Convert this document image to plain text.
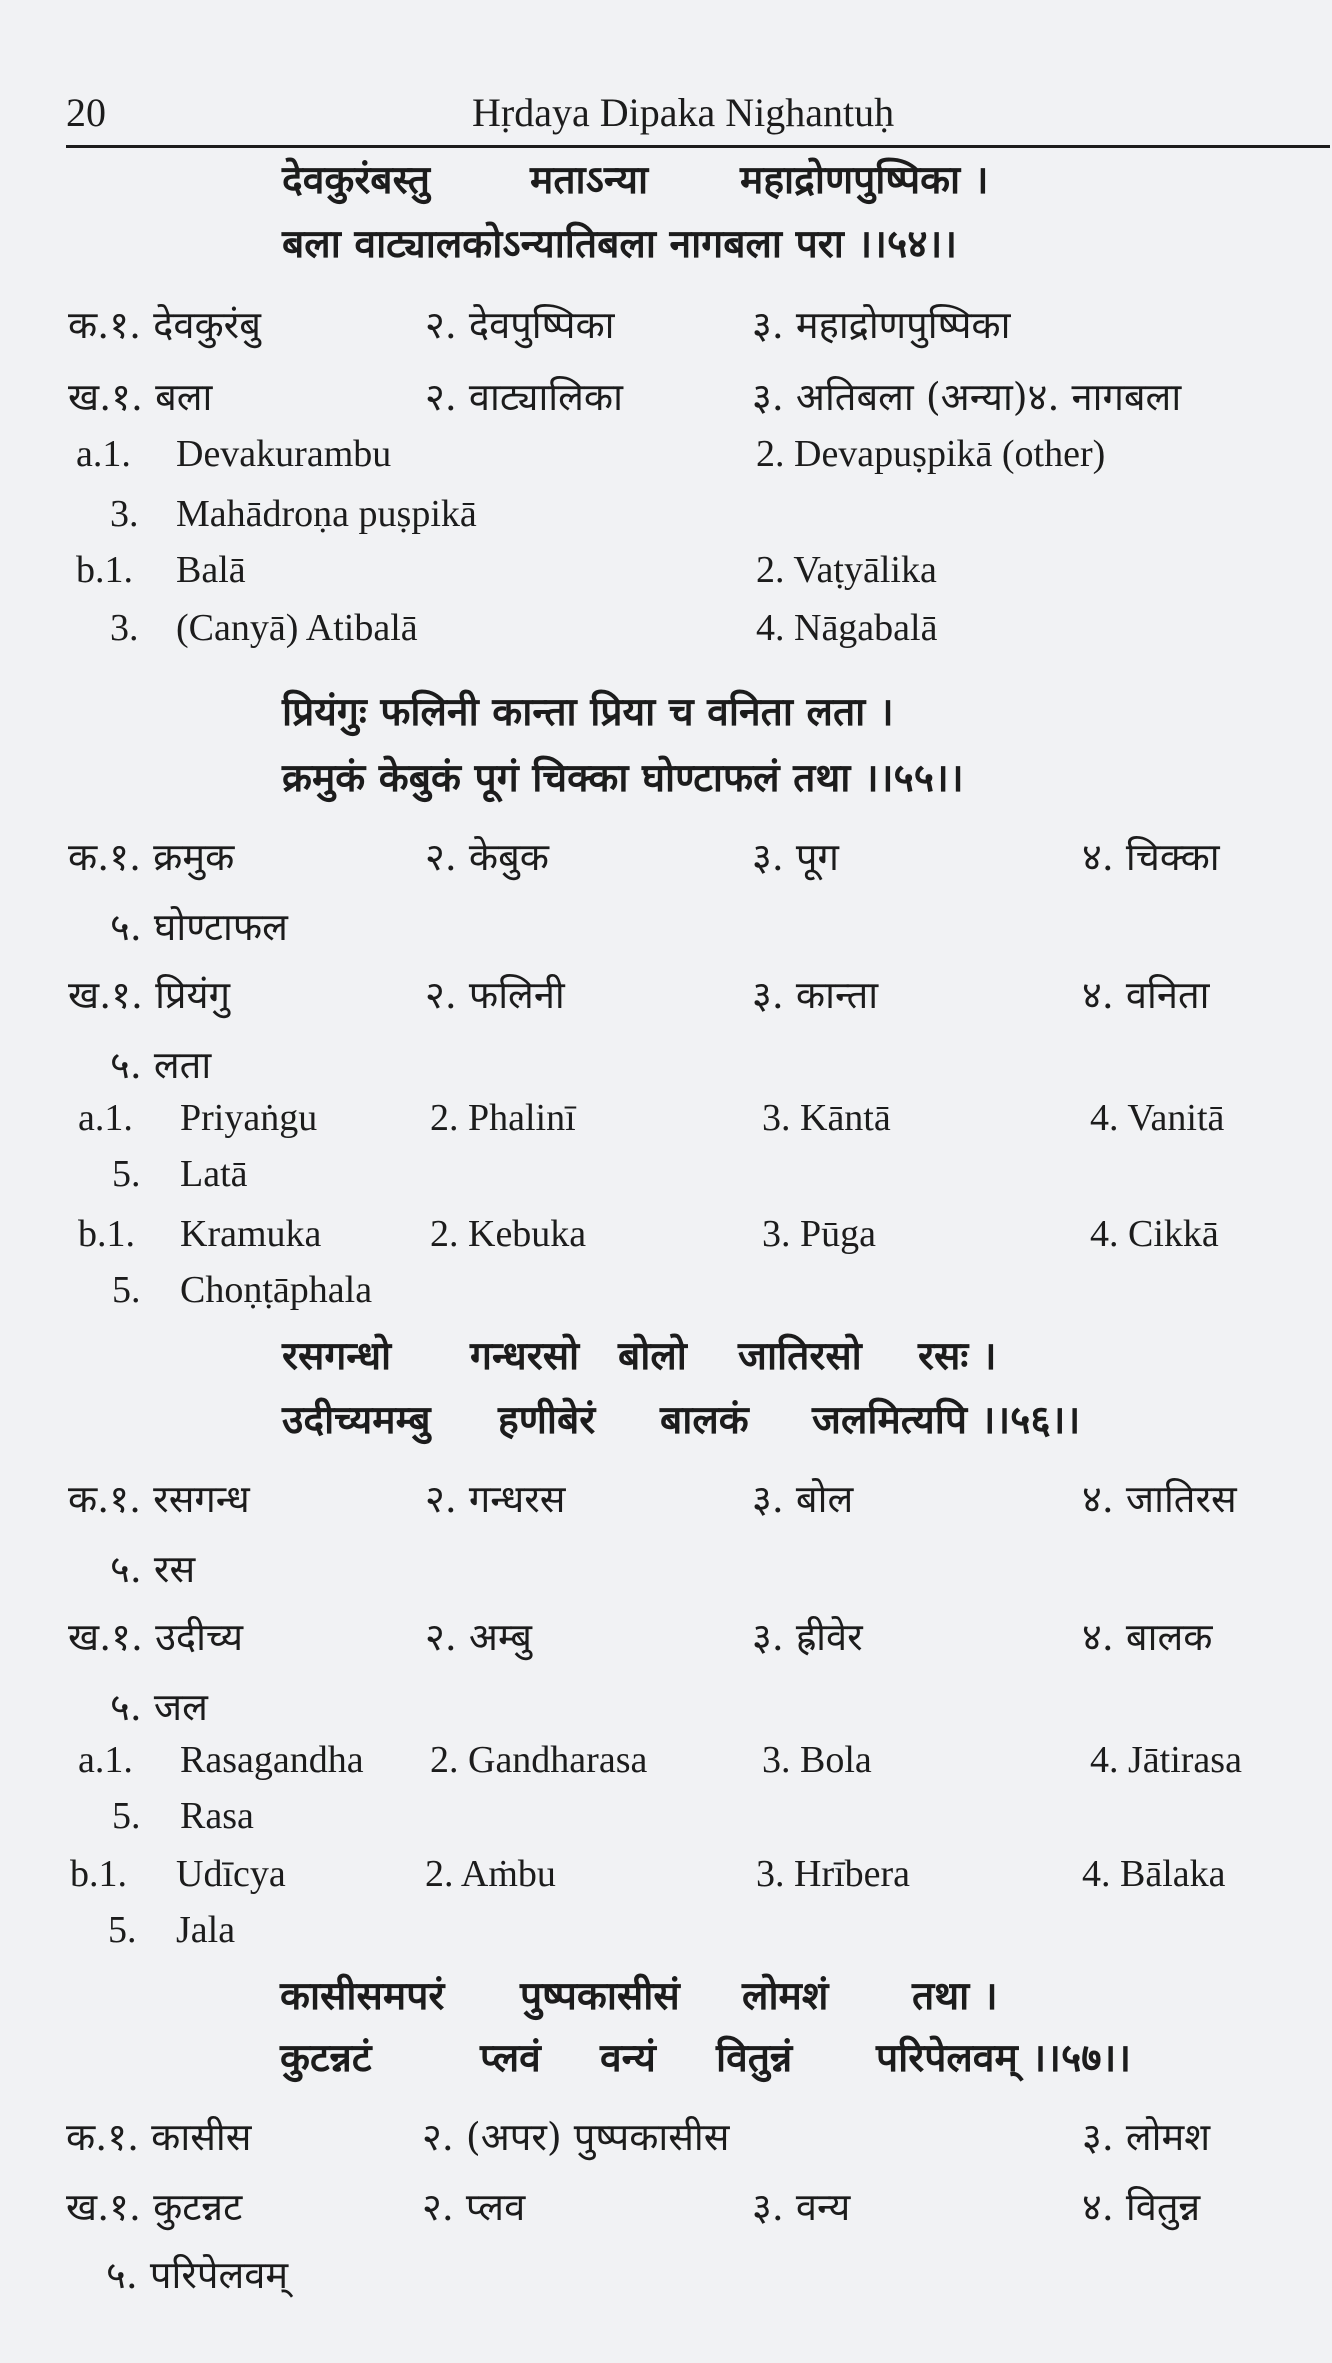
20	Hṛdaya Dipaka Nighantuḥ
देवकुरंबस्तु	मताऽन्या महाद्रोणपुष्पिका ।
बला वाट्यालकोऽन्यातिबला नागबला परा ।।५४।।
क.१. देवकुरंबु	२. देवपुष्पिका	३. महाद्रोणपुष्पिका
ख.१. बला	२. वाट्यालिका	३. अतिबला (अन्या)४. नागबला
a.1. Devakurambu	2. Devapuṣpikā (other)
3. Mahādroṇa puṣpikā
b.1. Balā	2. Vaṭyālika
3. (Canyā) Atibalā	4. Nāgabalā
प्रियंगुः फलिनी कान्ता प्रिया च वनिता लता ।
क्रमुकं केबुकं पूगं चिक्का घोण्टाफलं तथा ।।५५।।
क.१. क्रमुक	२. केबुक	३. पूग	४. चिक्का
५. घोण्टाफल
ख.१. प्रियंगु	२. फलिनी	३. कान्ता	४. वनिता
५. लता
a.1. Priyaṅgu	2. Phalinī	3. Kāntā	4. Vanitā
5. Latā
b.1. Kramuka	2. Kebuka	3. Pūga	4. Cikkā
5. Choṇṭāphala
रसगन्धो गन्धरसो बोलो जातिरसो रसः ।
उदीच्यमम्बु हणीबेरं बालकं जलमित्यपि ।।५६।।
क.१. रसगन्ध	२. गन्धरस	३. बोल	४. जातिरस
५. रस
ख.१. उदीच्य	२. अम्बु	३. ह्रीवेर	४. बालक
५. जल
a.1. Rasagandha 2. Gandharasa	3. Bola	4. Jātirasa
5. Rasa
b.1. Udīcya	2. Aṁbu	3. Hrībera	4. Bālaka
5. Jala
कासीसमपरं पुष्पकासीसं लोमशं तथा ।
कुटन्नटं	प्लवं वन्यं वितुन्नं परिपेलवम् ।।५७।।
क.१. कासीस	२. (अपर) पुष्पकासीस	३. लोमश
ख.१. कुटन्नट	२. प्लव	३. वन्य	४. वितुन्न
५. परिपेलवम्
